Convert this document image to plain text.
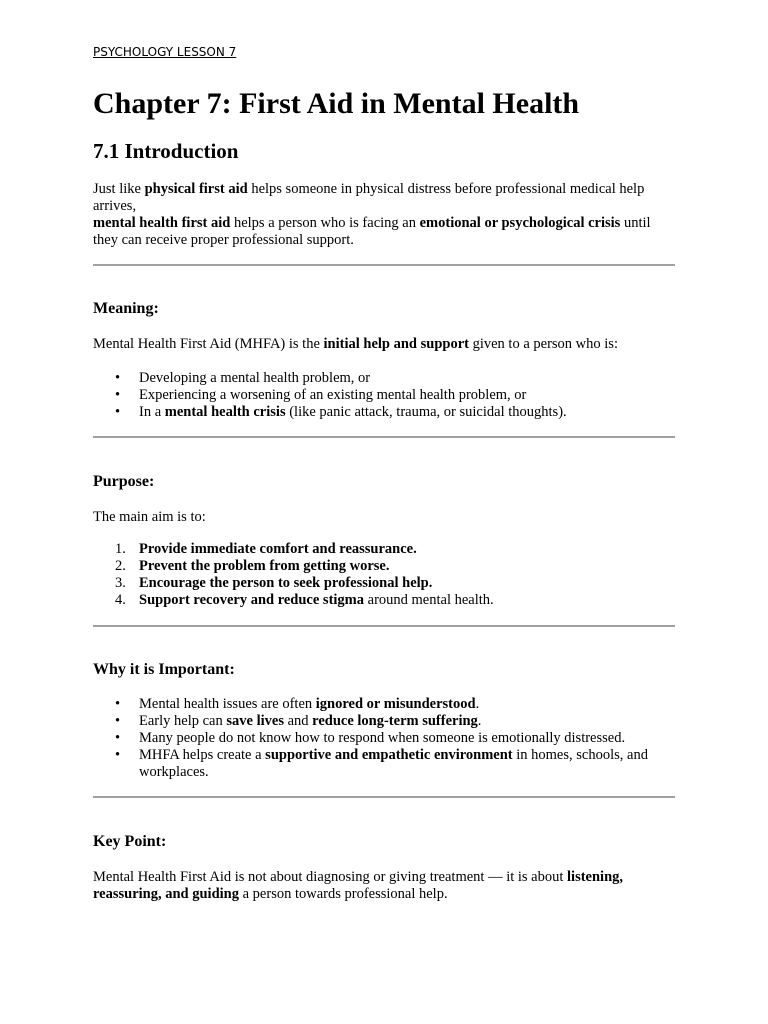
PSYCHOLOGY LESSON 7
Chapter 7: First Aid in Mental Health
7.1 Introduction

Just like physical first aid helps someone in physical distress before professional medical help arrives,

mental health first aid helps a person who is facing an emotional or psychological crisis until they can receive proper professional support.

Meaning:

Mental Health First Aid (MHFA) is the initial help and support given to a person who is:

• Developing a mental health problem, or
• Experiencing a worsening of an existing mental health problem, or
• In a mental health crisis (like panic attack, trauma, or suicidal thoughts).
Purpose:

The main aim is to:

1. Provide immediate comfort and reassurance.
2. Prevent the problem from getting worse.
3. Encourage the person to seek professional help.
4. Support recovery and reduce stigma around mental health.
Why it is Important:
• Mental health issues are often ignored or misunderstood.
• Early help can save lives and reduce long-term suffering.
• Many people do not know how to respond when someone is emotionally distressed.
• MHFA helps create a supportive and empathetic environment in homes, schools, and workplaces.
Key Point:

Mental Health First Aid is not about diagnosing or giving treatment — it is about listening, reassuring, and guiding a person towards professional help.
